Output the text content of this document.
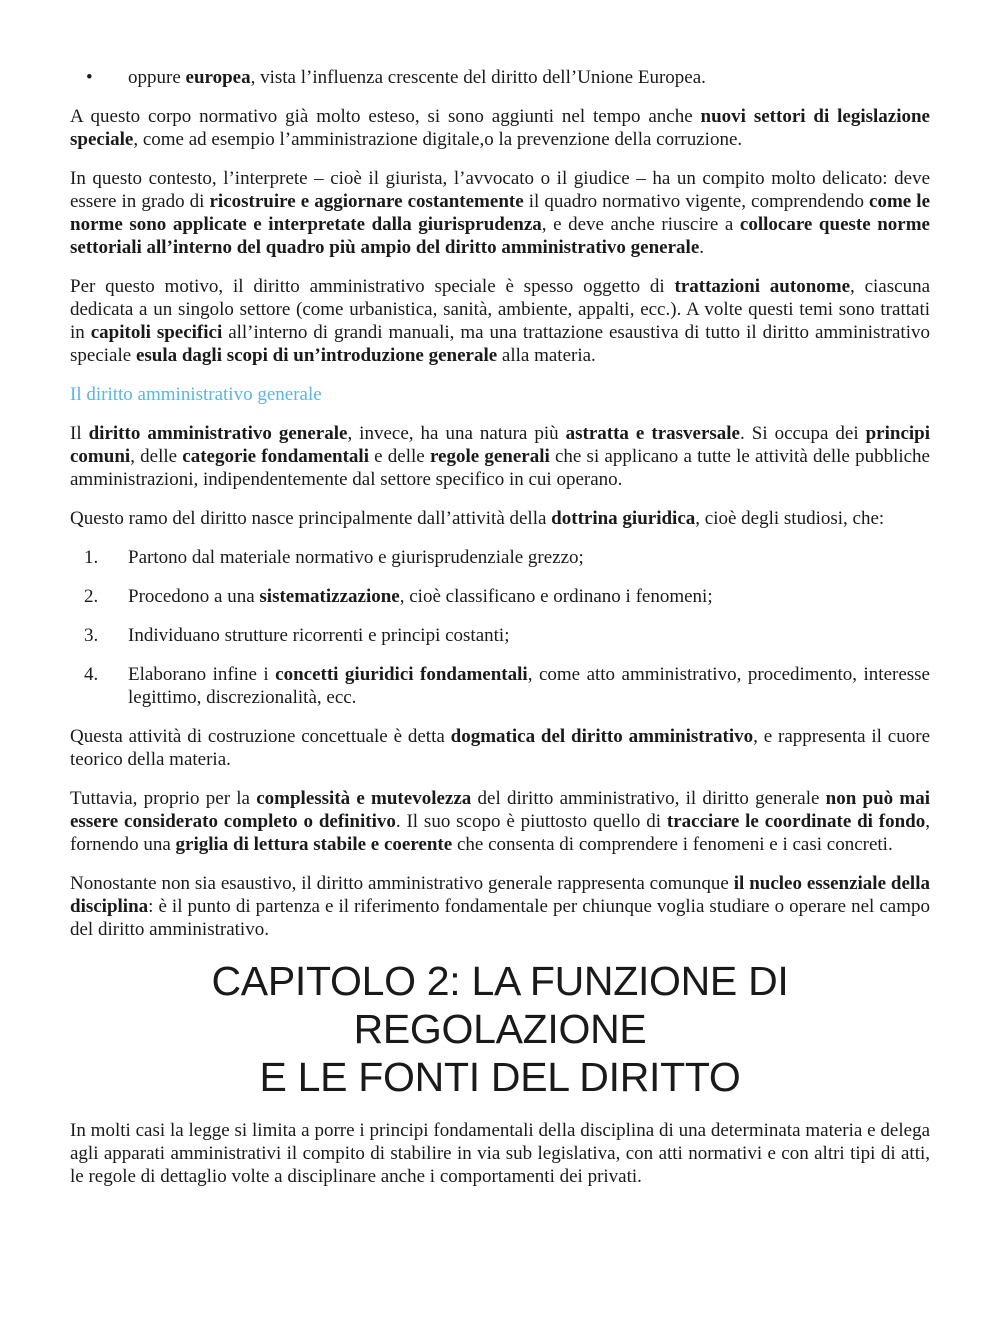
• oppure europea, vista l’influenza crescente del diritto dell’Unione Europea.

A questo corpo normativo già molto esteso, si sono aggiunti nel tempo anche nuovi settori di legislazione speciale, come ad esempio l’amministrazione digitale,o la prevenzione della corruzione.

In questo contesto, l’interprete – cioè il giurista, l’avvocato o il giudice – ha un compito molto delicato: deve essere in grado di ricostruire e aggiornare costantemente il quadro normativo vigente, comprendendo come le norme sono applicate e interpretate dalla giurisprudenza, e deve anche riuscire a collocare queste norme settoriali all’interno del quadro più ampio del diritto amministrativo generale.

Per questo motivo, il diritto amministrativo speciale è spesso oggetto di trattazioni autonome, ciascuna dedicata a un singolo settore (come urbanistica, sanità, ambiente, appalti, ecc.). A volte questi temi sono trattati in capitoli specifici all’interno di grandi manuali, ma una trattazione esaustiva di tutto il diritto amministrativo speciale esula dagli scopi di un’introduzione generale alla materia.

Il diritto amministrativo generale

Il diritto amministrativo generale, invece, ha una natura più astratta e trasversale. Si occupa dei principi comuni, delle categorie fondamentali e delle regole generali che si applicano a tutte le attività delle pubbliche amministrazioni, indipendentemente dal settore specifico in cui operano.

Questo ramo del diritto nasce principalmente dall’attività della dottrina giuridica, cioè degli studiosi, che:

1. Partono dal materiale normativo e giurisprudenziale grezzo;
2. Procedono a una sistematizzazione, cioè classificano e ordinano i fenomeni;
3. Individuano strutture ricorrenti e principi costanti;
4. Elaborano infine i concetti giuridici fondamentali, come atto amministrativo, procedimento, interesse legittimo, discrezionalità, ecc.

Questa attività di costruzione concettuale è detta dogmatica del diritto amministrativo, e rappresenta il cuore teorico della materia.

Tuttavia, proprio per la complessità e mutevolezza del diritto amministrativo, il diritto generale non può mai essere considerato completo o definitivo. Il suo scopo è piuttosto quello di tracciare le coordinate di fondo, fornendo una griglia di lettura stabile e coerente che consenta di comprendere i fenomeni e i casi concreti.

Nonostante non sia esaustivo, il diritto amministrativo generale rappresenta comunque il nucleo essenziale della disciplina: è il punto di partenza e il riferimento fondamentale per chiunque voglia studiare o operare nel campo del diritto amministrativo.

CAPITOLO 2: LA FUNZIONE DI REGOLAZIONE
E LE FONTI DEL DIRITTO

In molti casi la legge si limita a porre i principi fondamentali della disciplina di una determinata materia e delega agli apparati amministrativi il compito di stabilire in via sub legislativa, con atti normativi e con altri tipi di atti, le regole di dettaglio volte a disciplinare anche i comportamenti dei privati.
